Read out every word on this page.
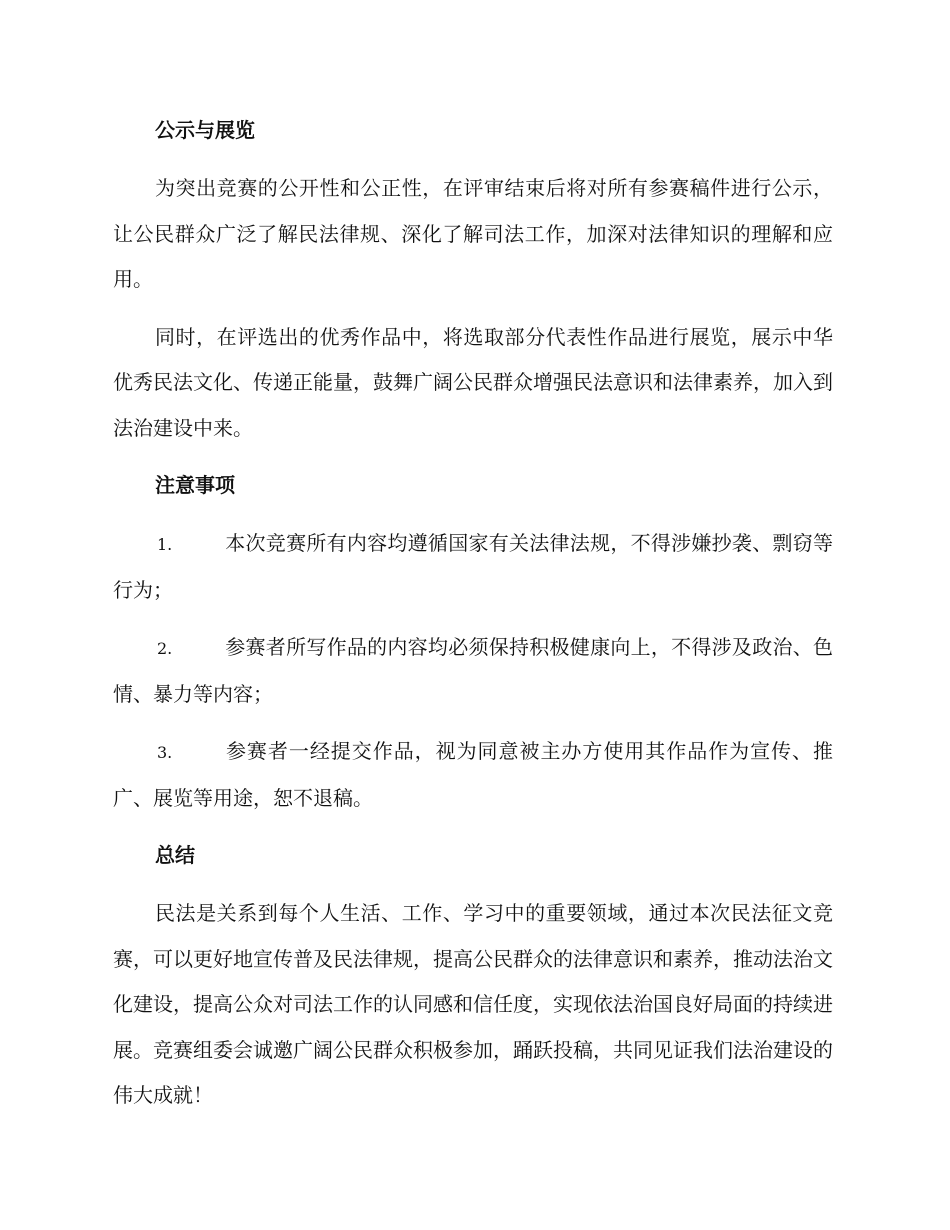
公示与展览

为突出竞赛的公开性和公正性，在评审结束后将对所有参赛稿件进行公示，让公民群众广泛了解民法律规、深化了解司法工作，加深对法律知识的理解和应用。

同时，在评选出的优秀作品中，将选取部分代表性作品进行展览，展示中华优秀民法文化、传递正能量，鼓舞广阔公民群众增强民法意识和法律素养，加入到法治建设中来。

注意事项
1.	本次竞赛所有内容均遵循国家有关法律法规，不得涉嫌抄袭、剽窃等行为；
2.	参赛者所写作品的内容均必须保持积极健康向上，不得涉及政治、色情、暴力等内容；
3.	参赛者一经提交作品，视为同意被主办方使用其作品作为宣传、推广、展览等用途，恕不退稿。
总结

民法是关系到每个人生活、工作、学习中的重要领域，通过本次民法征文竞赛，可以更好地宣传普及民法律规，提高公民群众的法律意识和素养，推动法治文化建设，提高公众对司法工作的认同感和信任度，实现依法治国良好局面的持续进展。竞赛组委会诚邀广阔公民群众积极参加，踊跃投稿，共同见证我们法治建设的伟大成就！
